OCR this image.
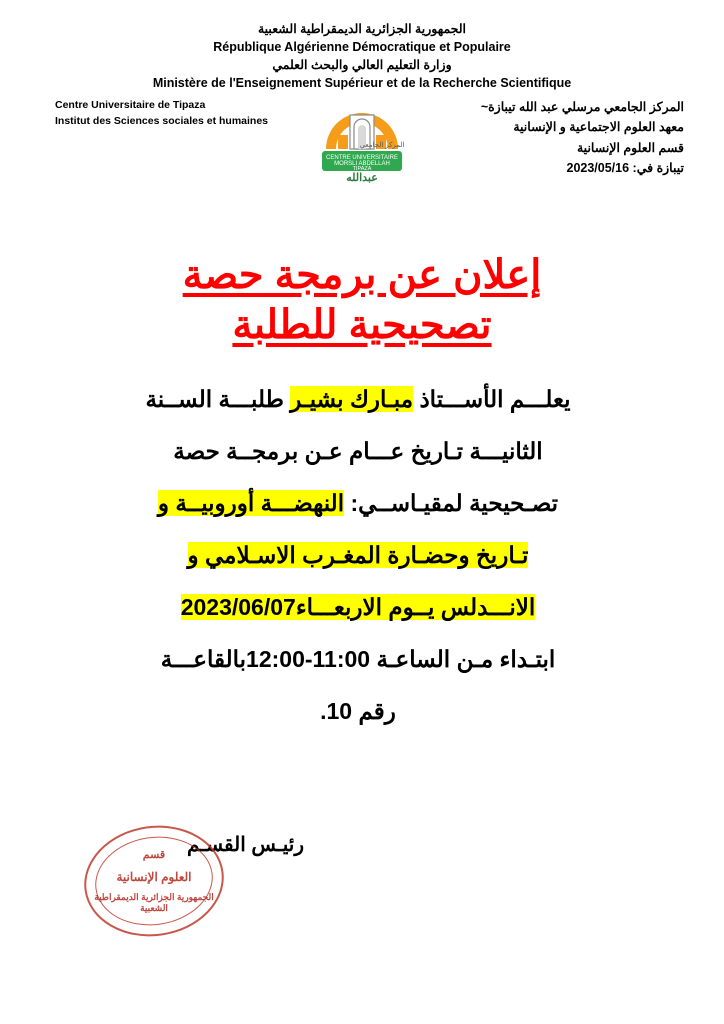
الجمهورية الجزائرية الديمقراطية الشعبية
République Algérienne Démocratique et Populaire
وزارة التعليم العالي والبحث العلمي
Ministère de l'Enseignement Supérieur et de la Recherche Scientifique
Centre Universitaire de Tipaza
Institut des Sciences sociales et humaines
CENTRE UNIVERSITAIRE
MORSLI ABDELLAH
TIPAZA
المركز الجامعي
عبدالله
المركز الجامعي مرسلي عبد الله تيبازة~
معهد العلوم الاجتماعية و الإنسانية
قسم العلوم الإنسانية
تيبازة في: 2023/05/16
إعلان عن برمجة حصة
تصحيحية للطلبة
يعلـــم الأســـتاذ مبـارك بشيـر طلبـــة الســنة
الثانيـــة تـاريخ عـــام عـن برمجــة حصة
تصـحيحية لمقيـاســي: النهضـــة أوروبيــة و
تـاريخ وحضـارة المغـرب الاسـلامي و
الانـــدلس يــوم الاربعـــاء2023/06/07
ابتـداء مـن الساعـة 12:00-11:00بالقاعـــة
رقم 10.
رئيـس القسـم
قسم
العلوم الإنسانية
الجمهورية الجزائرية الديمقراطية الشعبية
